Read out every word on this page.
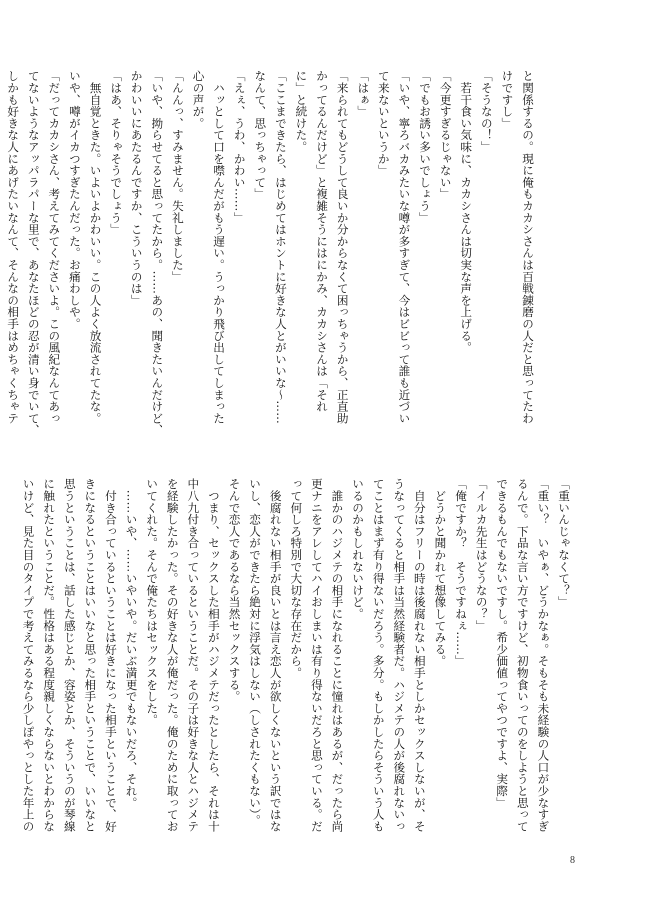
と関係するの。現に俺もカカシさんは百戦錬磨の人だと思ってたわ
けですし」
「そうなの！」
　若干食い気味に、カカシさんは切実な声を上げる。
「今更すぎるじゃない」
「でもお誘い多いでしょう」
「いや、寧ろバカみたいな噂が多すぎて、今はビビって誰も近づい
て来ないというか」
「はぁ」
「来られてもどうして良いか分からなくて困っちゃうから、正直助
かってるんだけど」と複雑そうにはにかみ、カカシさんは「それ
に」と続けた。
「ここまできたら、はじめてはホントに好きな人とがいいな〜……
なんて、思っちゃって」
「えぇ、うわ、かわい……」
　ハッとして口を噤んだがもう遅い。うっかり飛び出してしまった
心の声が。
「んんっ、すみません。失礼しました」
「いや、拗らせてると思ってたから。……あの、聞きたいんだけど、
かわいいにあたるんですか、こういうのは」
「はあ、そりゃそうでしょう」
　無自覚ときた。いよいよかわいい。この人よく放流されてたな。
いや、噂がイカつすぎたんだった。お痛わしや。
「だってカカシさん、考えてみてくださいよ。この風紀なんてあっ
てないようなアッパラパーな里で、あなたほどの忍が清い身でいて、
しかも好きな人にあげたいなんて、そんなの相手はめちゃくちゃテ
「重いんじゃなくて？」
「重い？　いやぁ、どうかなぁ。そもそも未経験の人口が少なすぎ
るんで。下品な言い方ですけど、初物食いってのをしようと思って
できるもんでもないですし。希少価値ってやつですよ、実際」
「イルカ先生はどうなの？」
「俺ですか？　そうですねぇ……」
　どうかと聞かれて想像してみる。
　自分はフリーの時は後腐れない相手としかセックスしないが、そ
うなってくると相手は当然経験者だ。ハジメテの人が後腐れないっ
てことはまず有り得ないだろう。多分。もしかしたらそういう人も
いるのかもしれないけど。
　誰かのハジメテの相手になれることに憧れはあるが、だったら尚
更ナニをアレしてハイおしまいは有り得ないだろと思っている。だ
って何しろ特別で大切な存在だから。
　後腐れない相手が良いとは言え恋人が欲しくないという訳ではな
いし、恋人ができたら絶対に浮気はしない（しされたくもない）。
そんで恋人であるなら当然セックスする。
　つまり、セックスした相手がハジメテだったとしたら、それは十
中八九付き合っているということだ。その子は好きな人とハジメテ
を経験したかった。その好きな人が俺だった。俺のために取ってお
いてくれた。そんで俺たちはセックスをした。
　……いや、……いやいや。だいぶ満更でもないだろ、それ。
　付き合っているということは好きになった相手ということで、好
きになるということはいいなと思った相手ということで、いいなと
思うということは、話した感じとか、容姿とか、そういうのが琴線
に触れたということだ。性格はある程度親しくならないとわからな
いけど、見た目のタイプで考えてみるなら少しぽやっとした年上の
8
